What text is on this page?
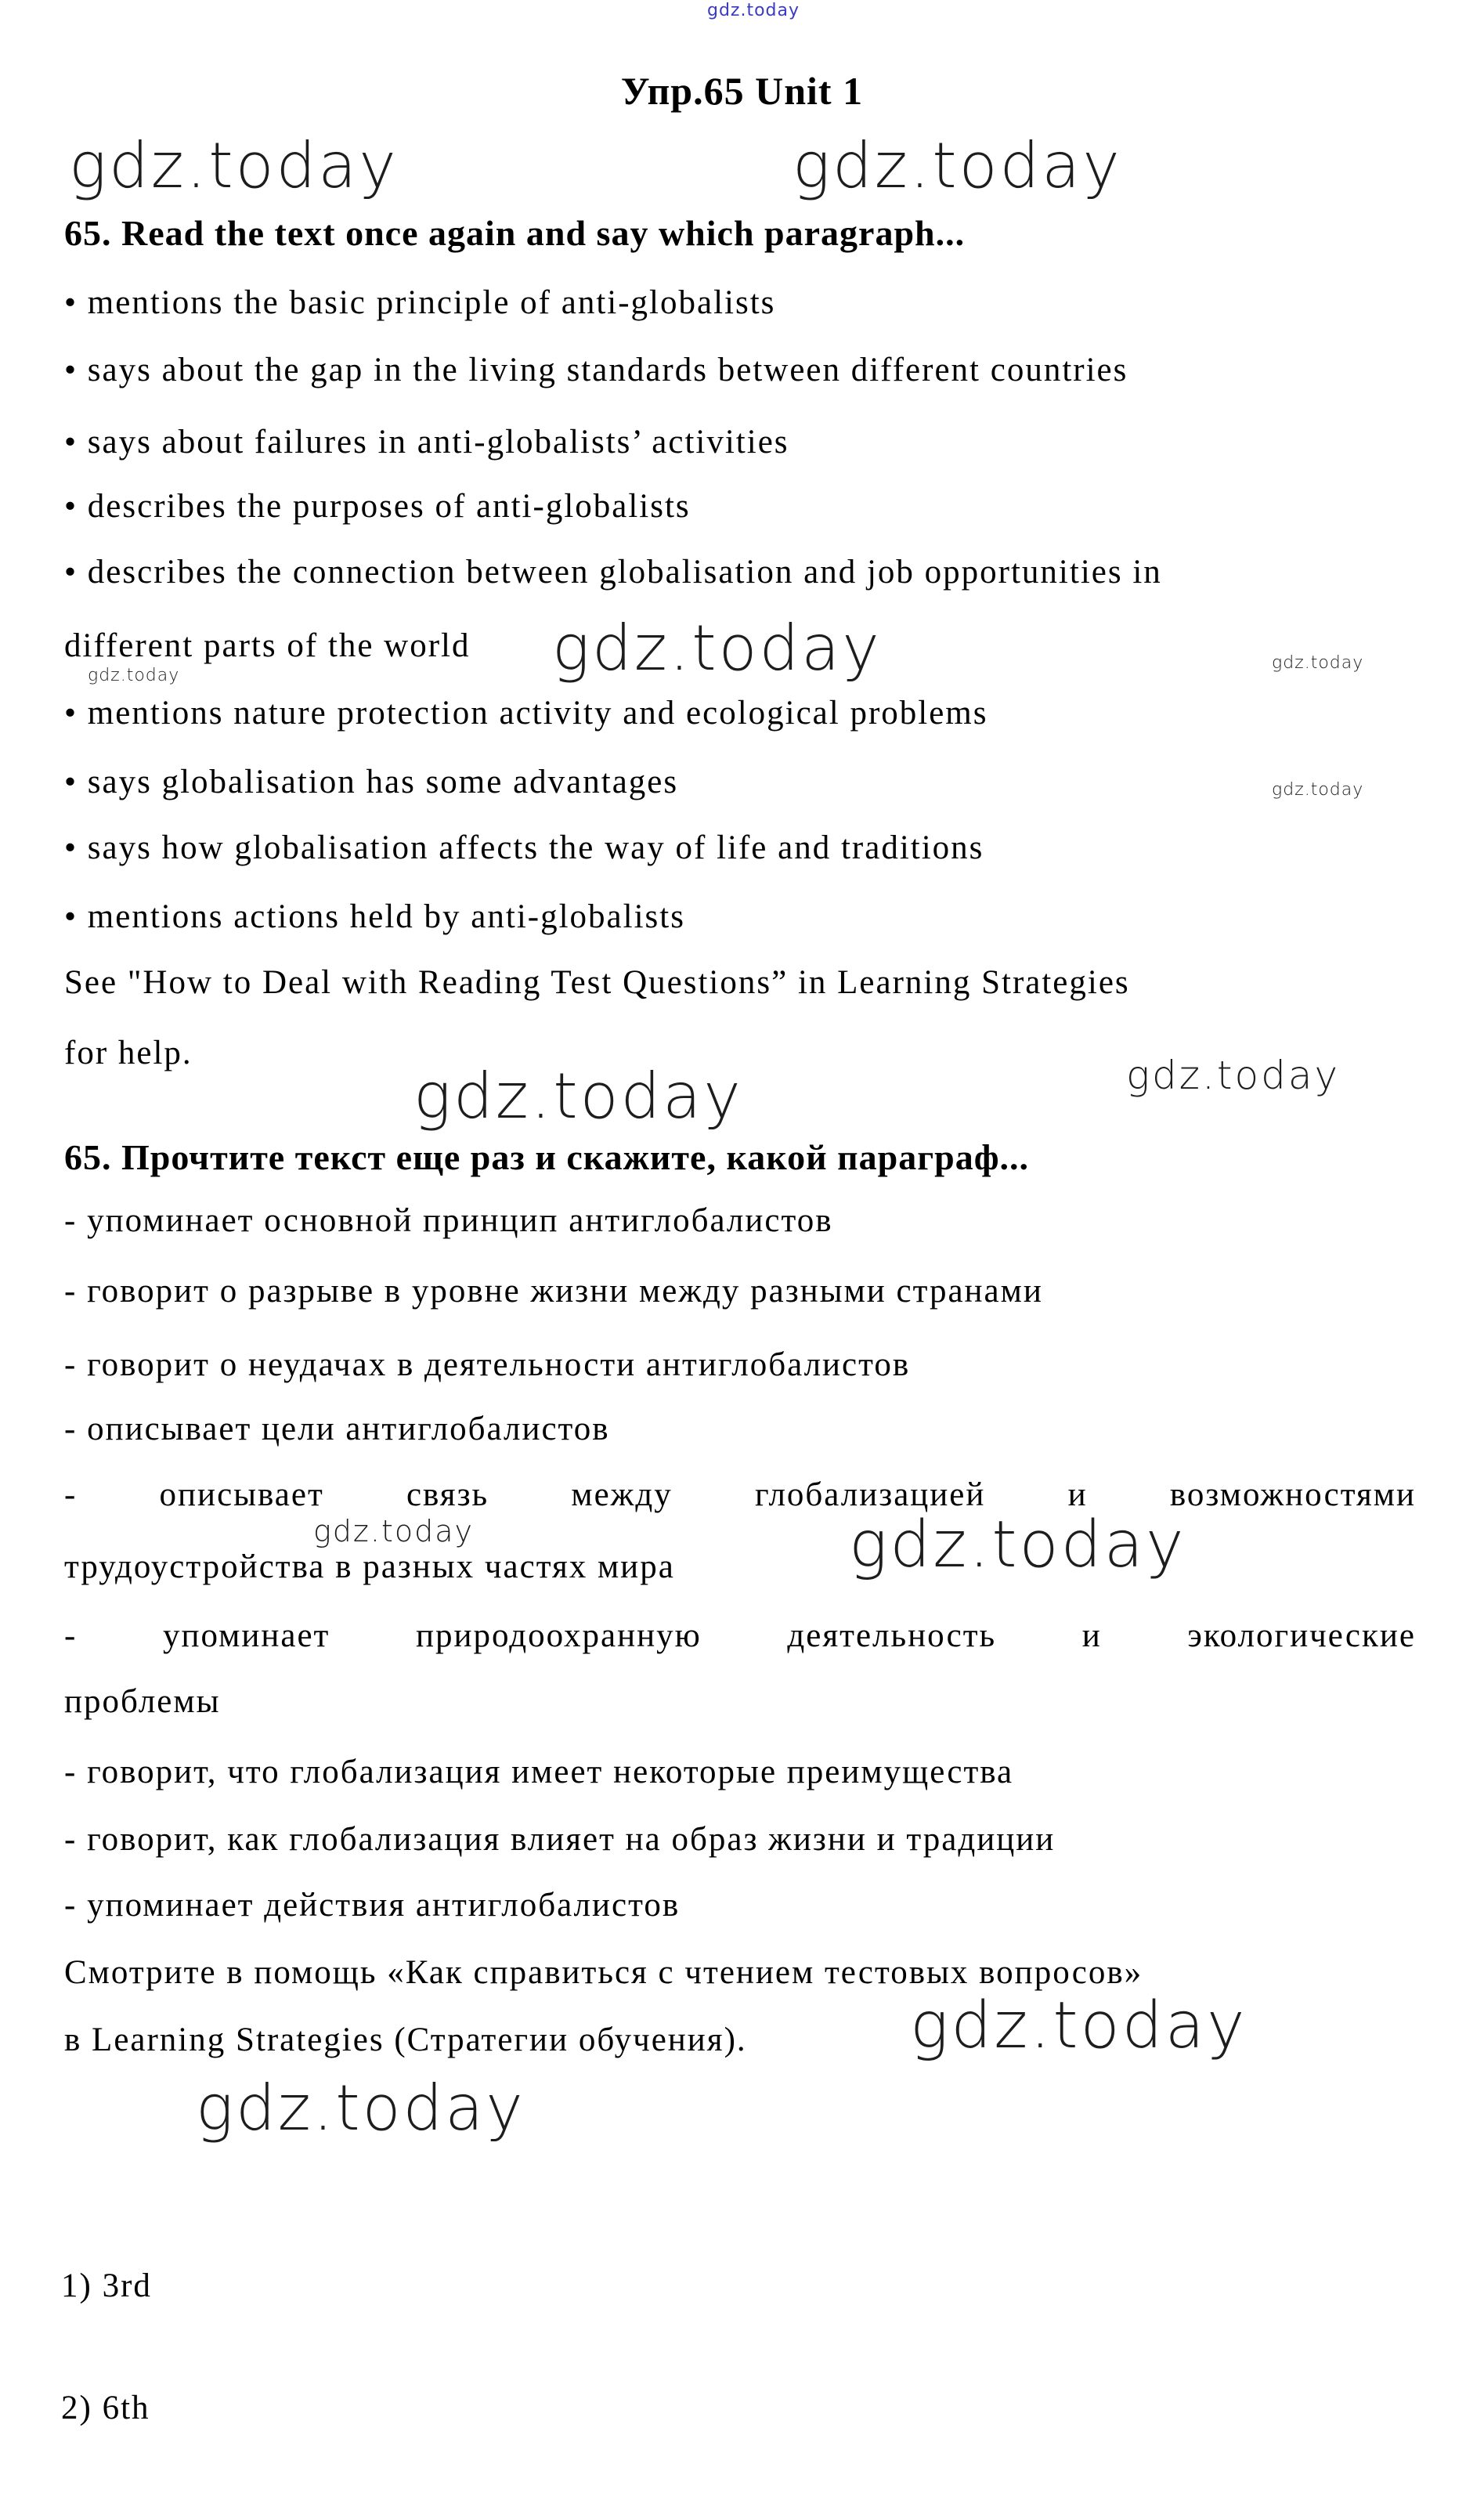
gdz.today
Упр.65 Unit 1
gdz.today	gdz.today
65. Read the text once again and say which paragraph...
• mentions the basic principle of anti-globalists
• says about the gap in the living standards between different countries
• says about failures in anti-globalists’ activities
• describes the purposes of anti-globalists
• describes the connection between globalisation and job opportunities in
different parts of the world
• mentions nature protection activity and ecological problems
• says globalisation has some advantages
• says how globalisation affects the way of life and traditions
• mentions actions held by anti-globalists
See "How to Deal with Reading Test Questions” in Learning Strategies
for help.
gdz.today	gdz.today
gdz.today
gdz.today
gdz.today	gdz.today
65. Прочтите текст еще раз и скажите, какой параграф...
- упоминает основной принцип антиглобалистов
- говорит о разрыве в уровне жизни между разными странами
- говорит о неудачах в деятельности антиглобалистов
- описывает цели антиглобалистов
- описывает связь между глобализацией и возможностями
трудоустройства в разных частях мира
- упоминает природоохранную деятельность и экологические
проблемы
- говорит, что глобализация имеет некоторые преимущества
- говорит, как глобализация влияет на образ жизни и традиции
- упоминает действия антиглобалистов
Смотрите в помощь «Как справиться с чтением тестовых вопросов»
в Learning Strategies (Стратегии обучения).
gdz.today	gdz.today
gdz.today
gdz.today
1) 3rd
2) 6th
